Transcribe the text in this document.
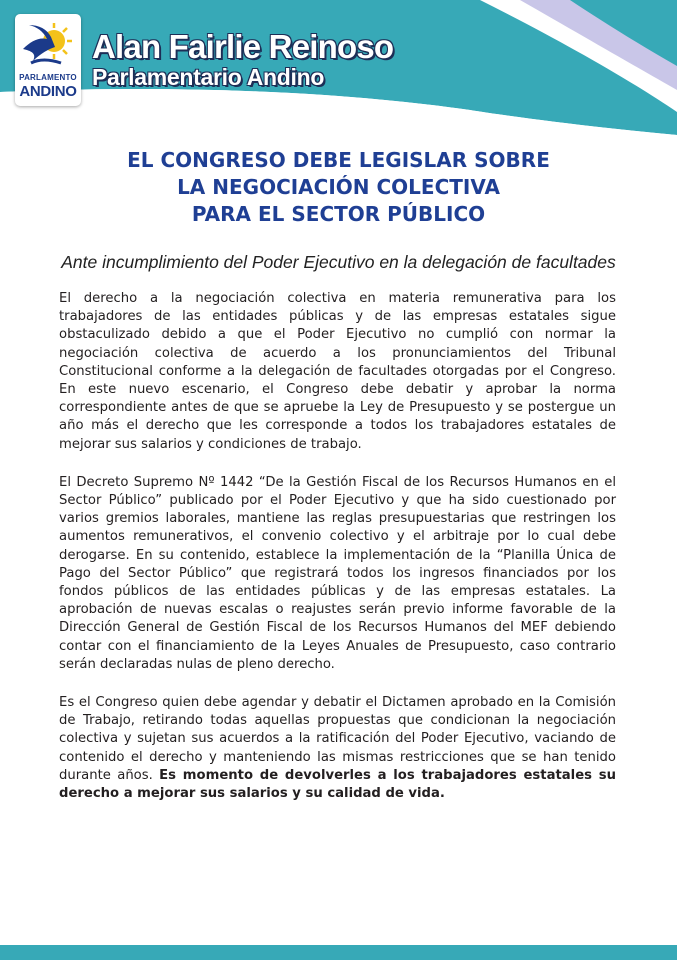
PARLAMENTO
ANDINO
Alan Fairlie Reinoso
Parlamentario Andino
EL CONGRESO DEBE LEGISLAR SOBRE
LA NEGOCIACIÓN COLECTIVA
PARA EL SECTOR PÚBLICO
Ante incumplimiento del Poder Ejecutivo en la delegación de facultades

El derecho a la negociación colectiva en materia remunerativa para los trabajadores de las entidades públicas y de las empresas estatales sigue obstaculizado debido a que el Poder Ejecutivo no cumplió con normar la negociación colectiva de acuerdo a los pronunciamientos del Tribunal Constitucional conforme a la delegación de facultades otorgadas por el Congreso. En este nuevo escenario, el Congreso debe debatir y aprobar la norma correspondiente antes de que se apruebe la Ley de Presupuesto y se postergue un año más el derecho que les corresponde a todos los trabajadores estatales de mejorar sus salarios y condiciones de trabajo.

El Decreto Supremo Nº 1442 “De la Gestión Fiscal de los Recursos Humanos en el Sector Público” publicado por el Poder Ejecutivo y que ha sido cuestionado por varios gremios laborales, mantiene las reglas presupuestarias que restringen los aumentos remunerativos, el convenio colectivo y el arbitraje por lo cual debe derogarse. En su contenido, establece la implementación de la “Planilla Única de Pago del Sector Público” que registrará todos los ingresos financiados por los fondos públicos de las entidades públicas y de las empresas estatales. La aprobación de nuevas escalas o reajustes serán previo informe favorable de la Dirección General de Gestión Fiscal de los Recursos Humanos del MEF debiendo contar con el financiamiento de la Leyes Anuales de Presupuesto, caso contrario serán declaradas nulas de pleno derecho.

Es el Congreso quien debe agendar y debatir el Dictamen aprobado en la Comisión de Trabajo, retirando todas aquellas propuestas que condicionan la negociación colectiva y sujetan sus acuerdos a la ratificación del Poder Ejecutivo, vaciando de contenido el derecho y manteniendo las mismas restricciones que se han tenido durante años. Es momento de devolverles a los trabajadores estatales su derecho a mejorar sus salarios y su calidad de vida.
